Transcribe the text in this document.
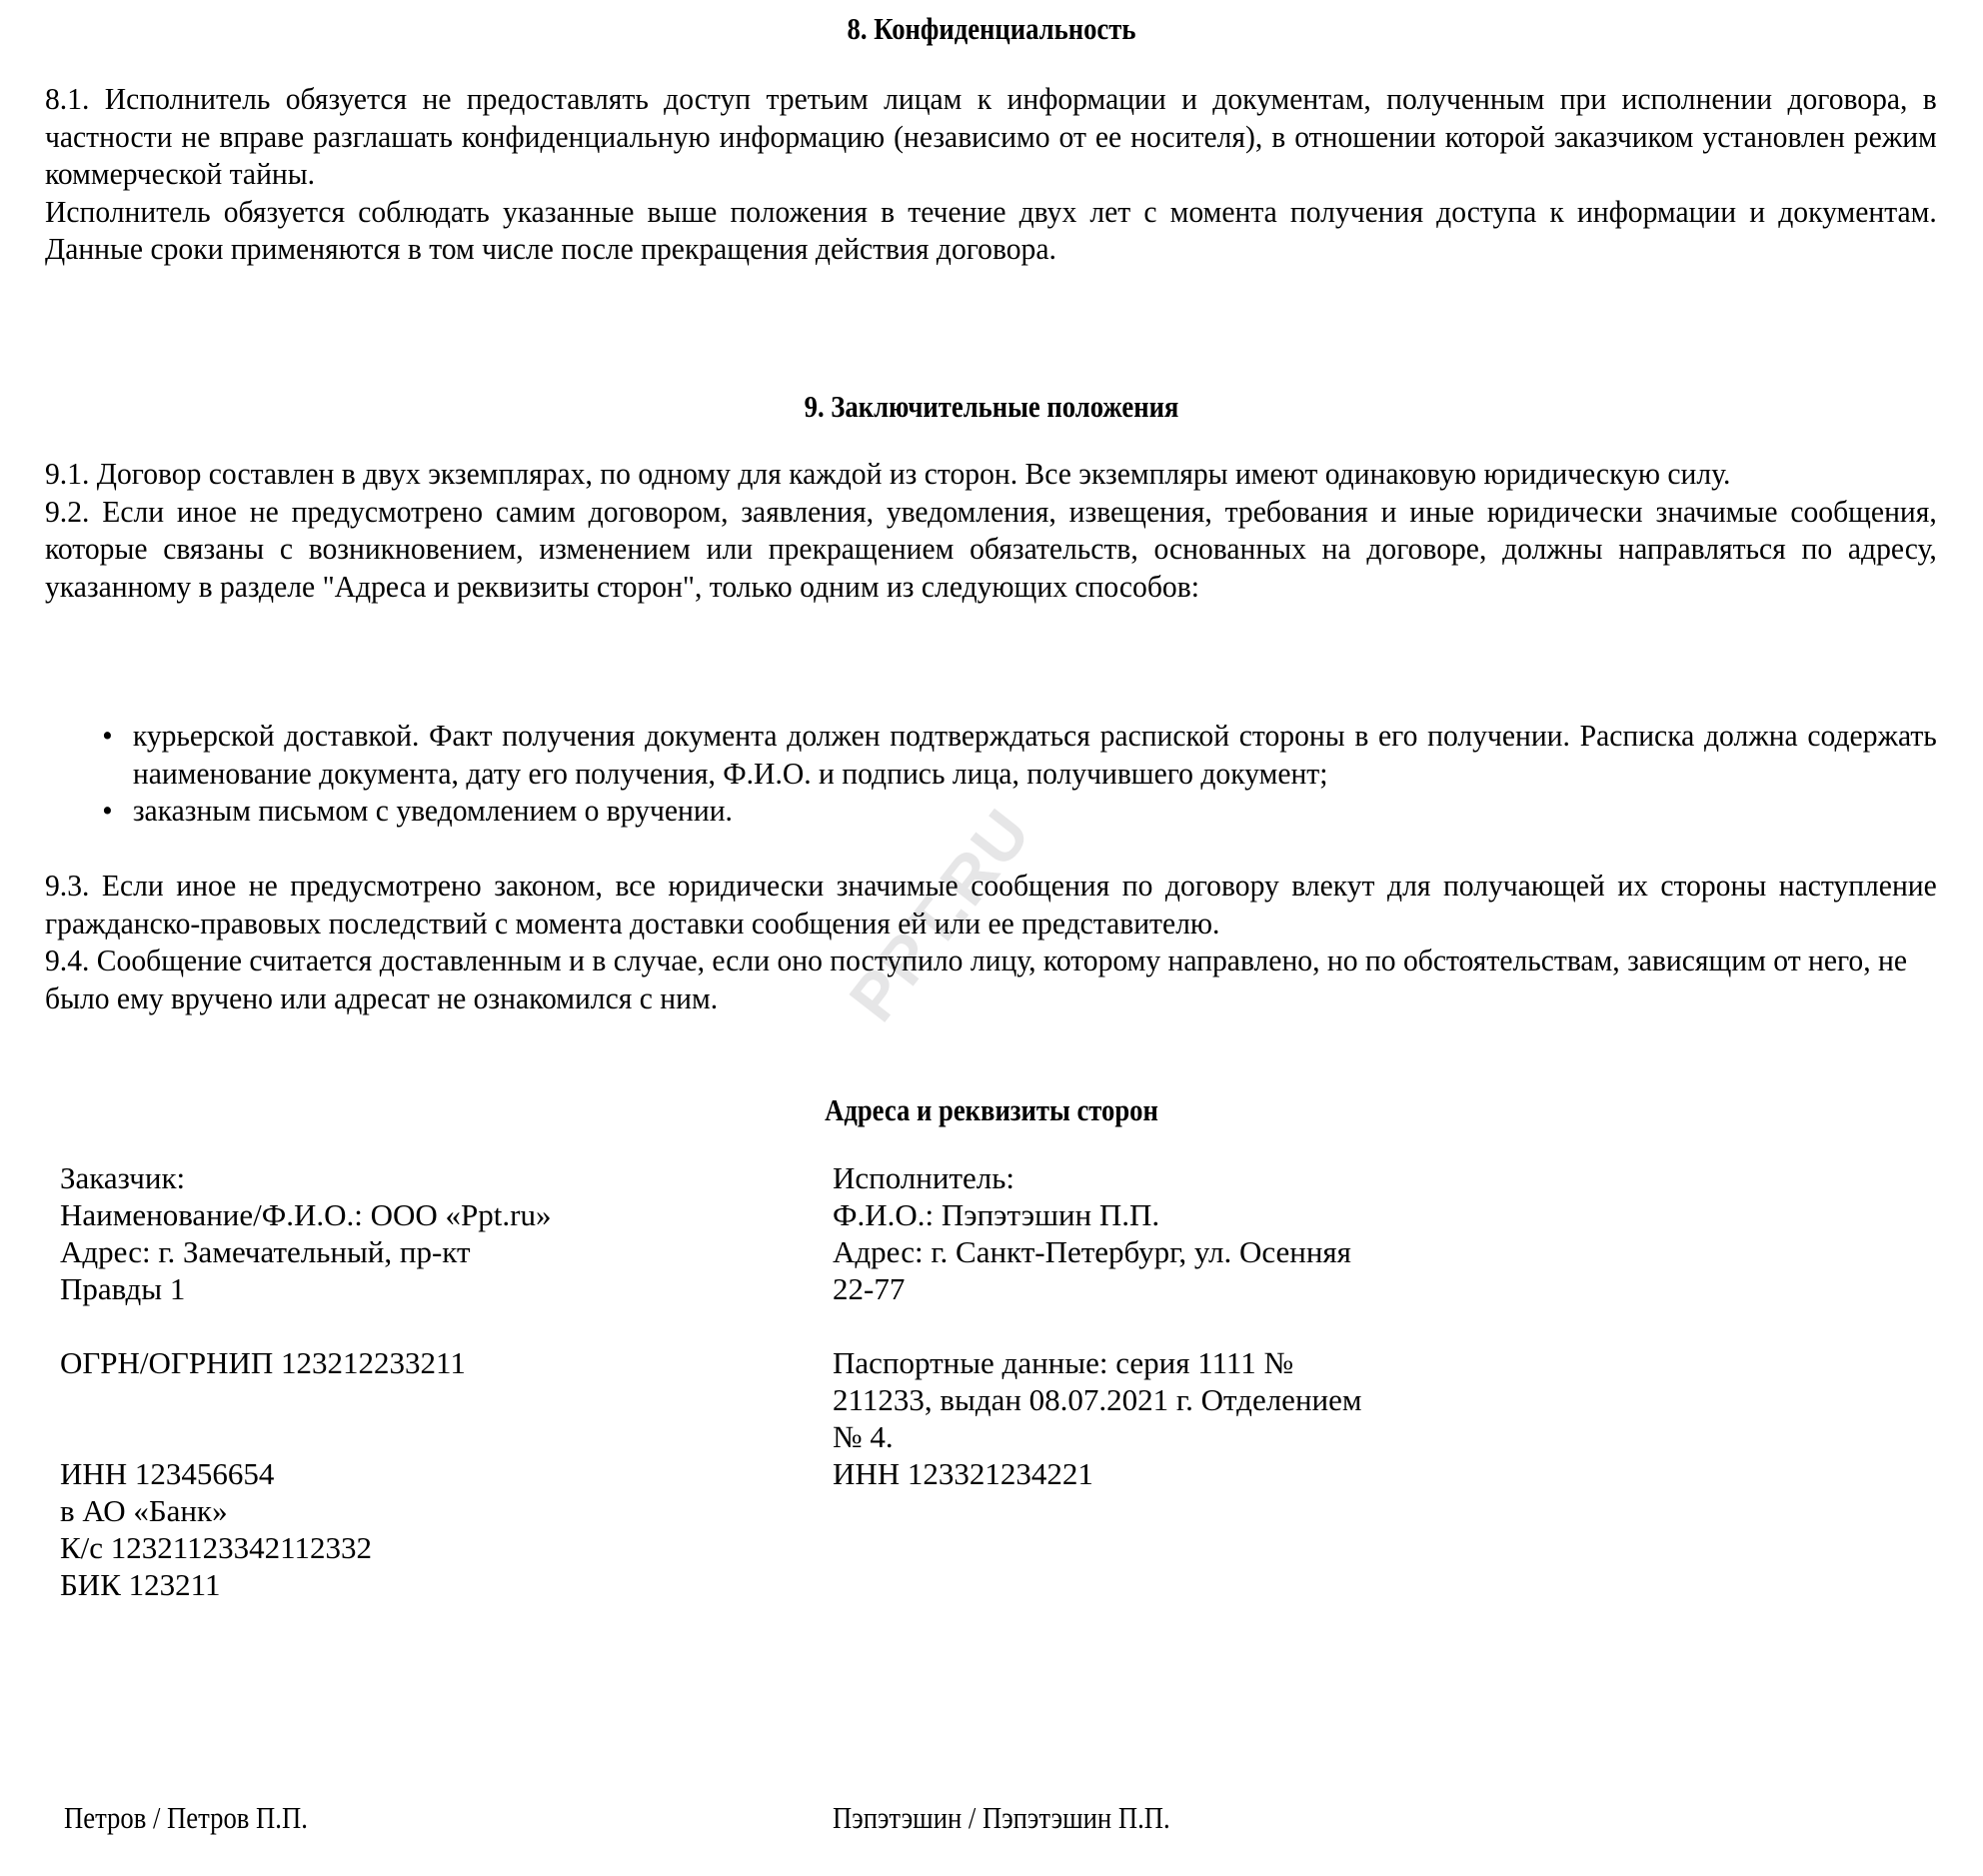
PPT.RU
8. Конфиденциальность

8.1. Исполнитель обязуется не предоставлять доступ третьим лицам к информации и документам, полученным при исполнении договора, в частности не вправе разглашать конфиденциальную информацию (независимо от ее носителя), в отношении которой заказчиком установлен режим коммерческой тайны.

Исполнитель обязуется соблюдать указанные выше положения в течение двух лет с момента получения доступа к информации и документам. Данные сроки применяются в том числе после прекращения действия договора.

9. Заключительные положения

9.1. Договор составлен в двух экземплярах, по одному для каждой из сторон. Все экземпляры имеют одинаковую юридическую силу.

9.2. Если иное не предусмотрено самим договором, заявления, уведомления, извещения, требования и иные юридически значимые сообщения, которые связаны с возникновением, изменением или прекращением обязательств, основанных на договоре, должны направляться по адресу, указанному в разделе "Адреса и реквизиты сторон", только одним из следующих способов:

• курьерской доставкой. Факт получения документа должен подтверждаться распиской стороны в его получении. Расписка должна содержать наименование документа, дату его получения, Ф.И.О. и подпись лица, получившего документ;
• заказным письмом с уведомлением о вручении.

9.3. Если иное не предусмотрено законом, все юридически значимые сообщения по договору влекут для получающей их стороны наступление гражданско-правовых последствий с момента доставки сообщения ей или ее представителю.

9.4. Сообщение считается доставленным и в случае, если оно поступило лицу, которому направлено, но по обстоятельствам, зависящим от него, не было ему вручено или адресат не ознакомился с ним.

Адреса и реквизиты сторон
Заказчик:
Наименование/Ф.И.О.: ООО «Ppt.ru»
Адрес: г. Замечательный, пр-кт
Правды 1
ОГРН/ОГРНИП 123212233211
ИНН 123456654
в АО «Банк»
К/с 12321123342112332
БИК 123211
Исполнитель:
Ф.И.О.: Пэпэтэшин П.П.
Адрес: г. Санкт-Петербург, ул. Осенняя
22-77
Паспортные данные: серия 1111 №
211233, выдан 08.07.2021 г. Отделением
№ 4.
ИНН 123321234221
Петров / Петров П.П.	Пэпэтэшин / Пэпэтэшин П.П.
